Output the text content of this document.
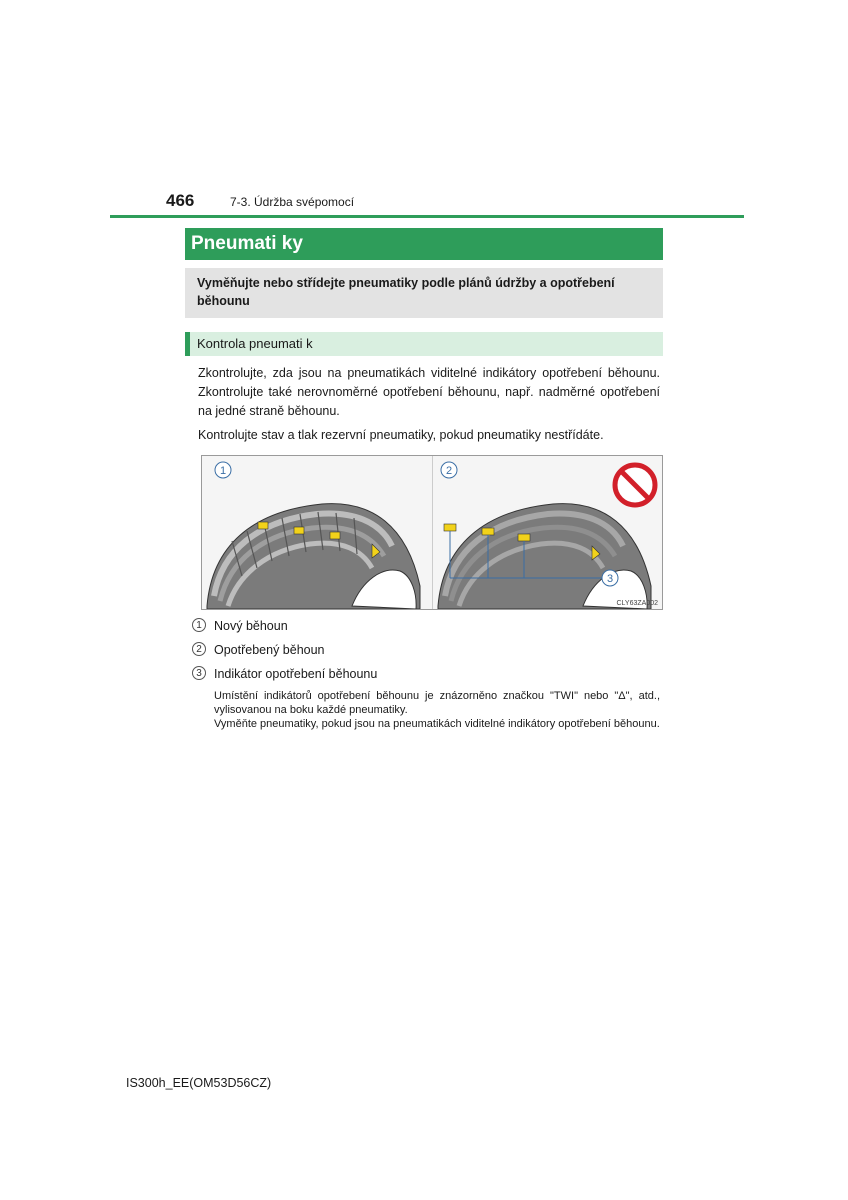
466	7-3. Údržba svépomocí
Pneumati ky
Vyměňujte nebo střídejte pneumatiky podle plánů údržby a opotřebení běhounu
Kontrola pneumati k
Zkontrolujte, zda jsou na pneumatikách viditelné indikátory opotřebení běhounu. Zkontrolujte také nerovnoměrné opotřebení běhounu, např. nadměrné opotřebení na jedné straně běhounu.
Kontrolujte stav a tlak rezervní pneumatiky, pokud pneumatiky nestřídáte.
1	2
3
CLY63ZA002
1 Nový běhoun
2 Opotřebený běhoun
3 Indikátor opotřebení běhounu

Umístění indikátorů opotřebení běhounu je znázorněno značkou "TWI" nebo "Δ", atd., vylisovanou na boku každé pneumatiky.

Vyměňte pneumatiky, pokud jsou na pneumatikách viditelné indikátory opotřebení běhounu.

IS300h_EE(OM53D56CZ)
